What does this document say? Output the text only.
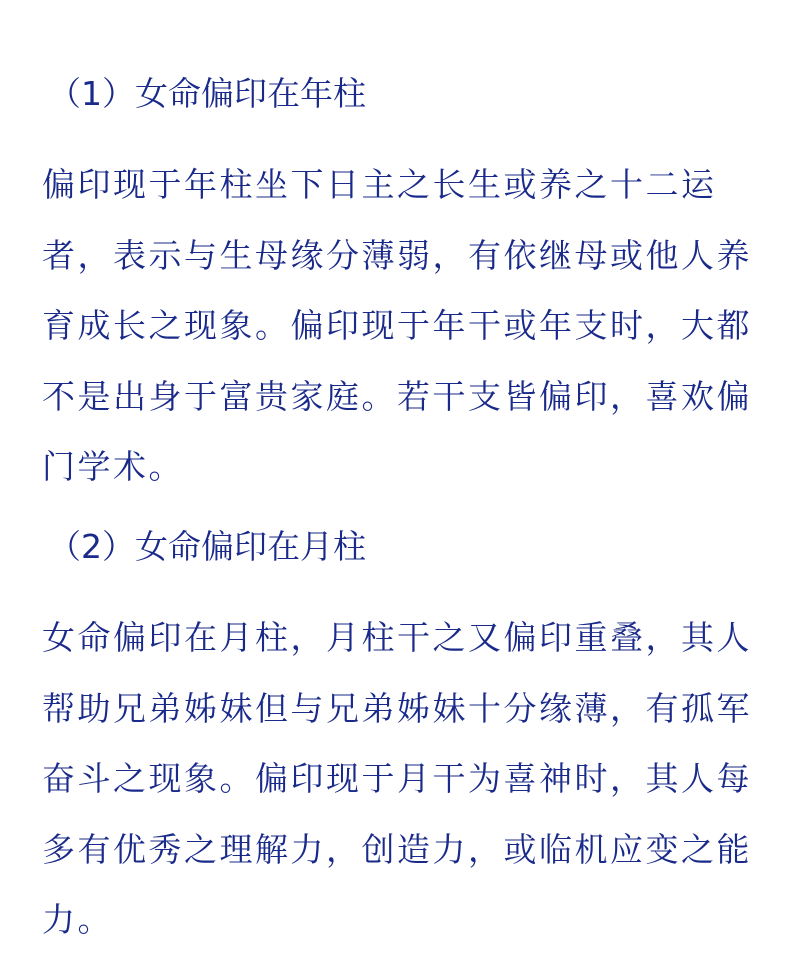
（1）女命偏印在年柱

偏印现于年柱坐下日主之长生或养之十二运者，表示与生母缘分薄弱，有依继母或他人养育成长之现象。偏印现于年干或年支时，大都不是出身于富贵家庭。若干支皆偏印，喜欢偏门学术。

（2）女命偏印在月柱

女命偏印在月柱，月柱干之又偏印重叠，其人帮助兄弟姊妹但与兄弟姊妹十分缘薄，有孤军奋斗之现象。偏印现于月干为喜神时，其人每多有优秀之理解力，创造力，或临机应变之能力。
